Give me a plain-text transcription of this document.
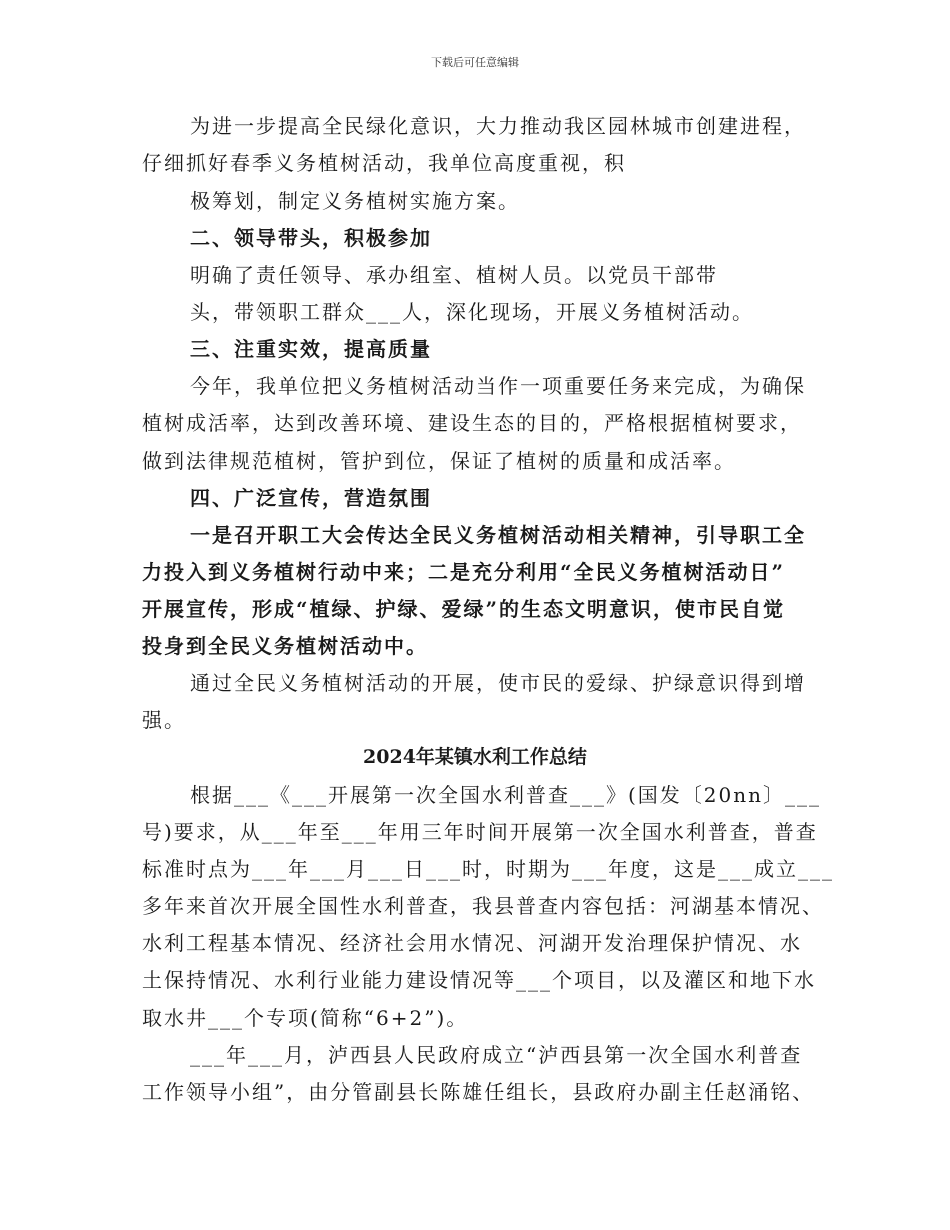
下载后可任意编辑
为进一步提高全民绿化意识，大力推动我区园林城市创建进程，
仔细抓好春季义务植树活动，我单位高度重视，积
极筹划，制定义务植树实施方案。
二、领导带头，积极参加
明确了责任领导、承办组室、植树人员。以党员干部带
头，带领职工群众___人，深化现场，开展义务植树活动。
三、注重实效，提高质量
今年，我单位把义务植树活动当作一项重要任务来完成，为确保
植树成活率，达到改善环境、建设生态的目的，严格根据植树要求，
做到法律规范植树，管护到位，保证了植树的质量和成活率。
四、广泛宣传，营造氛围
一是召开职工大会传达全民义务植树活动相关精神，引导职工全
力投入到义务植树行动中来；二是充分利用“全民义务植树活动日”
开展宣传，形成“植绿、护绿、爱绿”的生态文明意识，使市民自觉
投身到全民义务植树活动中。
通过全民义务植树活动的开展，使市民的爱绿、护绿意识得到增
强。
2024年某镇水利工作总结
根据___《___开展第一次全国水利普查___》(国发〔20nn〕___
号)要求，从___年至___年用三年时间开展第一次全国水利普查，普查
标准时点为___年___月___日___时，时期为___年度，这是___成立___
多年来首次开展全国性水利普查，我县普查内容包括：河湖基本情况、
水利工程基本情况、经济社会用水情况、河湖开发治理保护情况、水
土保持情况、水利行业能力建设情况等___个项目，以及灌区和地下水
取水井___个专项(简称“6+2”)。
___年___月，泸西县人民政府成立“泸西县第一次全国水利普查
工作领导小组”，由分管副县长陈雄任组长，县政府办副主任赵涌铭、
